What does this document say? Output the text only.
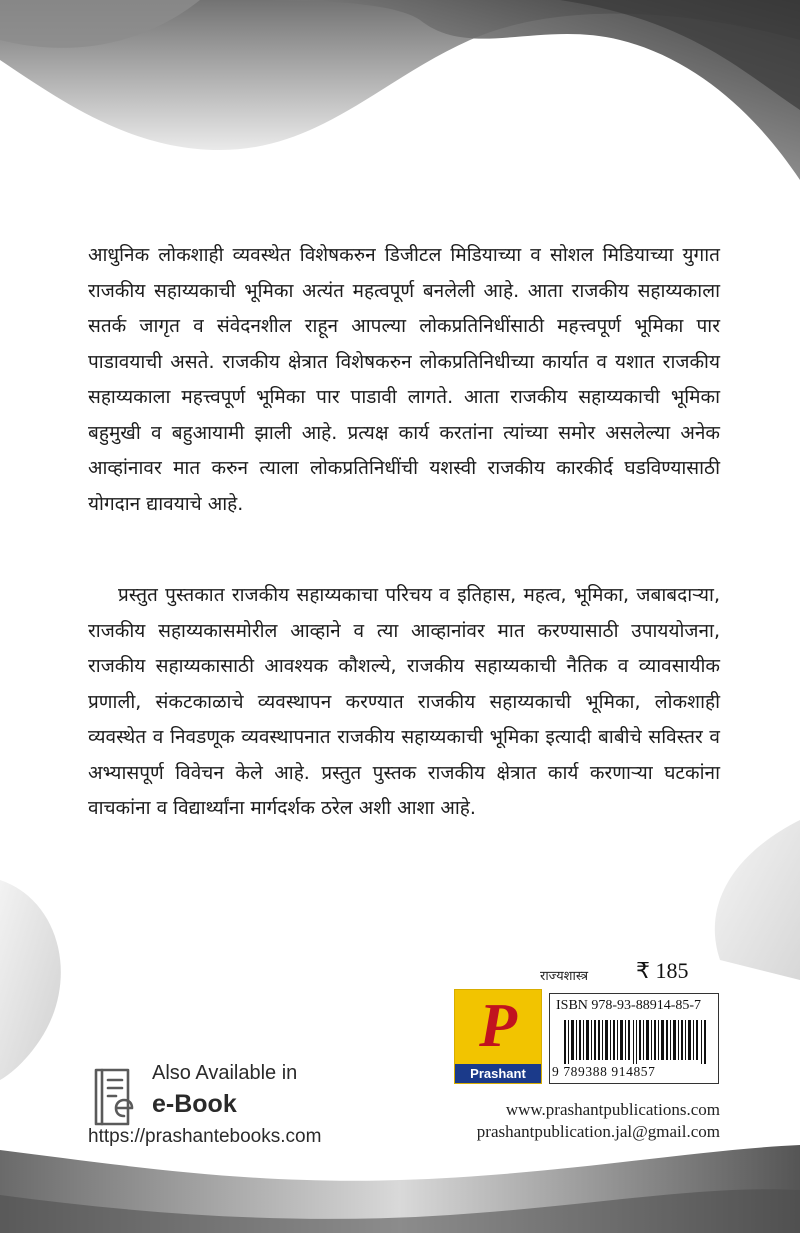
आधुनिक लोकशाही व्यवस्थेत विशेषकरुन डिजीटल मिडियाच्या व सोशल मिडियाच्या युगात राजकीय सहाय्यकाची भूमिका अत्यंत महत्वपूर्ण बनलेली आहे. आता राजकीय सहाय्यकाला सतर्क जागृत व संवेदनशील राहून आपल्या लोकप्रतिनिधींसाठी महत्त्वपूर्ण भूमिका पार पाडावयाची असते. राजकीय क्षेत्रात विशेषकरुन लोकप्रतिनिधीच्या कार्यात व यशात राजकीय सहाय्यकाला महत्त्वपूर्ण भूमिका पार पाडावी लागते. आता राजकीय सहाय्यकाची भूमिका बहुमुखी व बहुआयामी झाली आहे. प्रत्यक्ष कार्य करतांना त्यांच्या समोर असलेल्या अनेक आव्हांनावर मात करुन त्याला लोकप्रतिनिधींची यशस्वी राजकीय कारकीर्द घडविण्यासाठी योगदान द्यावयाचे आहे.

प्रस्तुत पुस्तकात राजकीय सहाय्यकाचा परिचय व इतिहास, महत्व, भूमिका, जबाबदाऱ्या, राजकीय सहाय्यकासमोरील आव्हाने व त्या आव्हानांवर मात करण्यासाठी उपाययोजना, राजकीय सहाय्यकासाठी आवश्यक कौशल्ये, राजकीय सहाय्यकाची नैतिक व व्यावसायीक प्रणाली, संकटकाळाचे व्यवस्थापन करण्यात राजकीय सहाय्यकाची भूमिका, लोकशाही व्यवस्थेत व निवडणूक व्यवस्थापनात राजकीय सहाय्यकाची भूमिका इत्यादी बाबीचे सविस्तर व अभ्यासपूर्ण विवेचन केले आहे. प्रस्तुत पुस्तक राजकीय क्षेत्रात कार्य करणाऱ्या घटकांना वाचकांना व विद्यार्थ्यांना मार्गदर्शक ठरेल अशी आशा आहे.

राज्यशास्त्र ₹ 185
P
Prashant
ISBN 978-93-88914-85-7
9 789388 914857
Also Available in
e-Book
https://prashantebooks.com
www.prashantpublications.com
prashantpublication.jal@gmail.com
